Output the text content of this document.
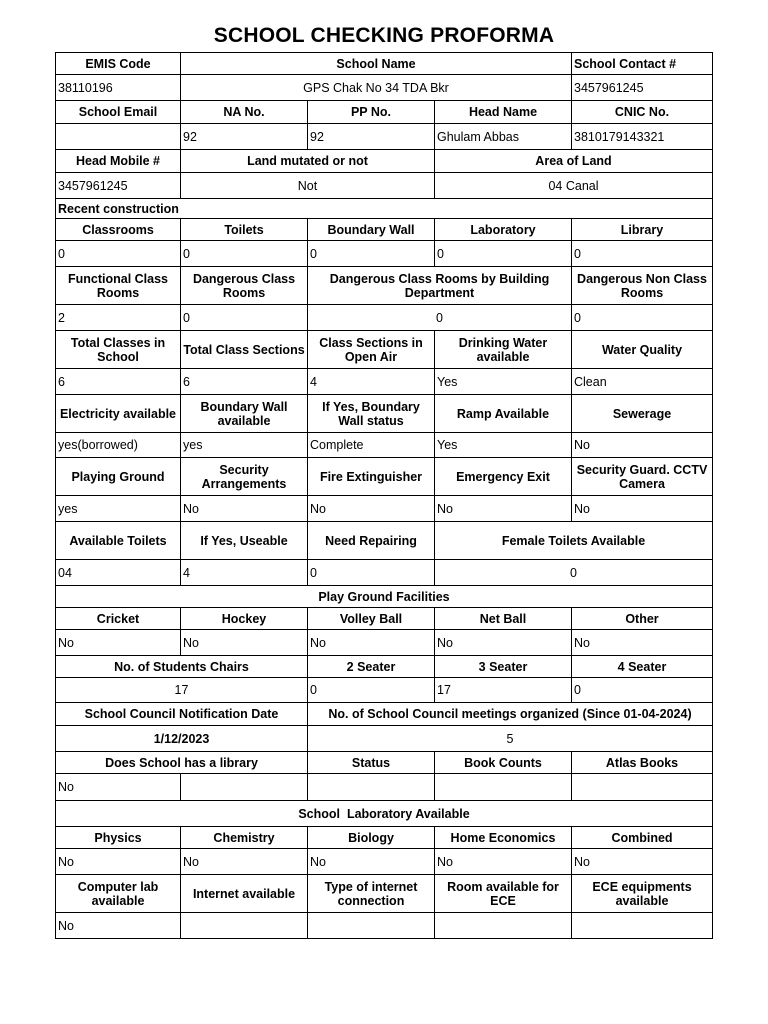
SCHOOL CHECKING PROFORMA
EMIS Code	School Name			School Contact #
38110196	GPS Chak No 34 TDA Bkr			3457961245
School Email	NA No.	PP No.	Head Name	CNIC No.
	92	92	Ghulam Abbas	3810179143321
Head Mobile #	Land mutated or not		Area of Land	
3457961245	Not		04 Canal	
Recent construction				
Classrooms	Toilets	Boundary Wall	Laboratory	Library
0	0	0	0	0
Functional Class Rooms	Dangerous Class Rooms	Dangerous Class Rooms by Building Department		Dangerous Non Class Rooms
2	0	0		0
Total Classes in School	Total Class Sections	Class Sections in Open Air	Drinking Water available	Water Quality
6	6	4	Yes	Clean
Electricity available	Boundary Wall available	If Yes, Boundary Wall status	Ramp Available	Sewerage
yes(borrowed)	yes	Complete	Yes	No
Playing Ground	Security Arrangements	Fire Extinguisher	Emergency Exit	Security Guard. CCTV Camera
yes	No	No	No	No
Available Toilets	If Yes, Useable	Need Repairing	Female Toilets Available	
04	4	0	0	
Play Ground Facilities				
Cricket	Hockey	Volley Ball	Net Ball	Other
No	No	No	No	No
No. of Students Chairs		2 Seater	3 Seater	4 Seater
17		0	17	0
School Council Notification Date		No. of School Council meetings organized (Since 01-04-2024)		
1/12/2023		5		
Does School has a library		Status	Book Counts	Atlas Books
No				
School  Laboratory Available				
Physics	Chemistry	Biology	Home Economics	Combined
No	No	No	No	No
Computer lab available	Internet available	Type of internet connection	Room available for ECE	ECE equipments available
No				
